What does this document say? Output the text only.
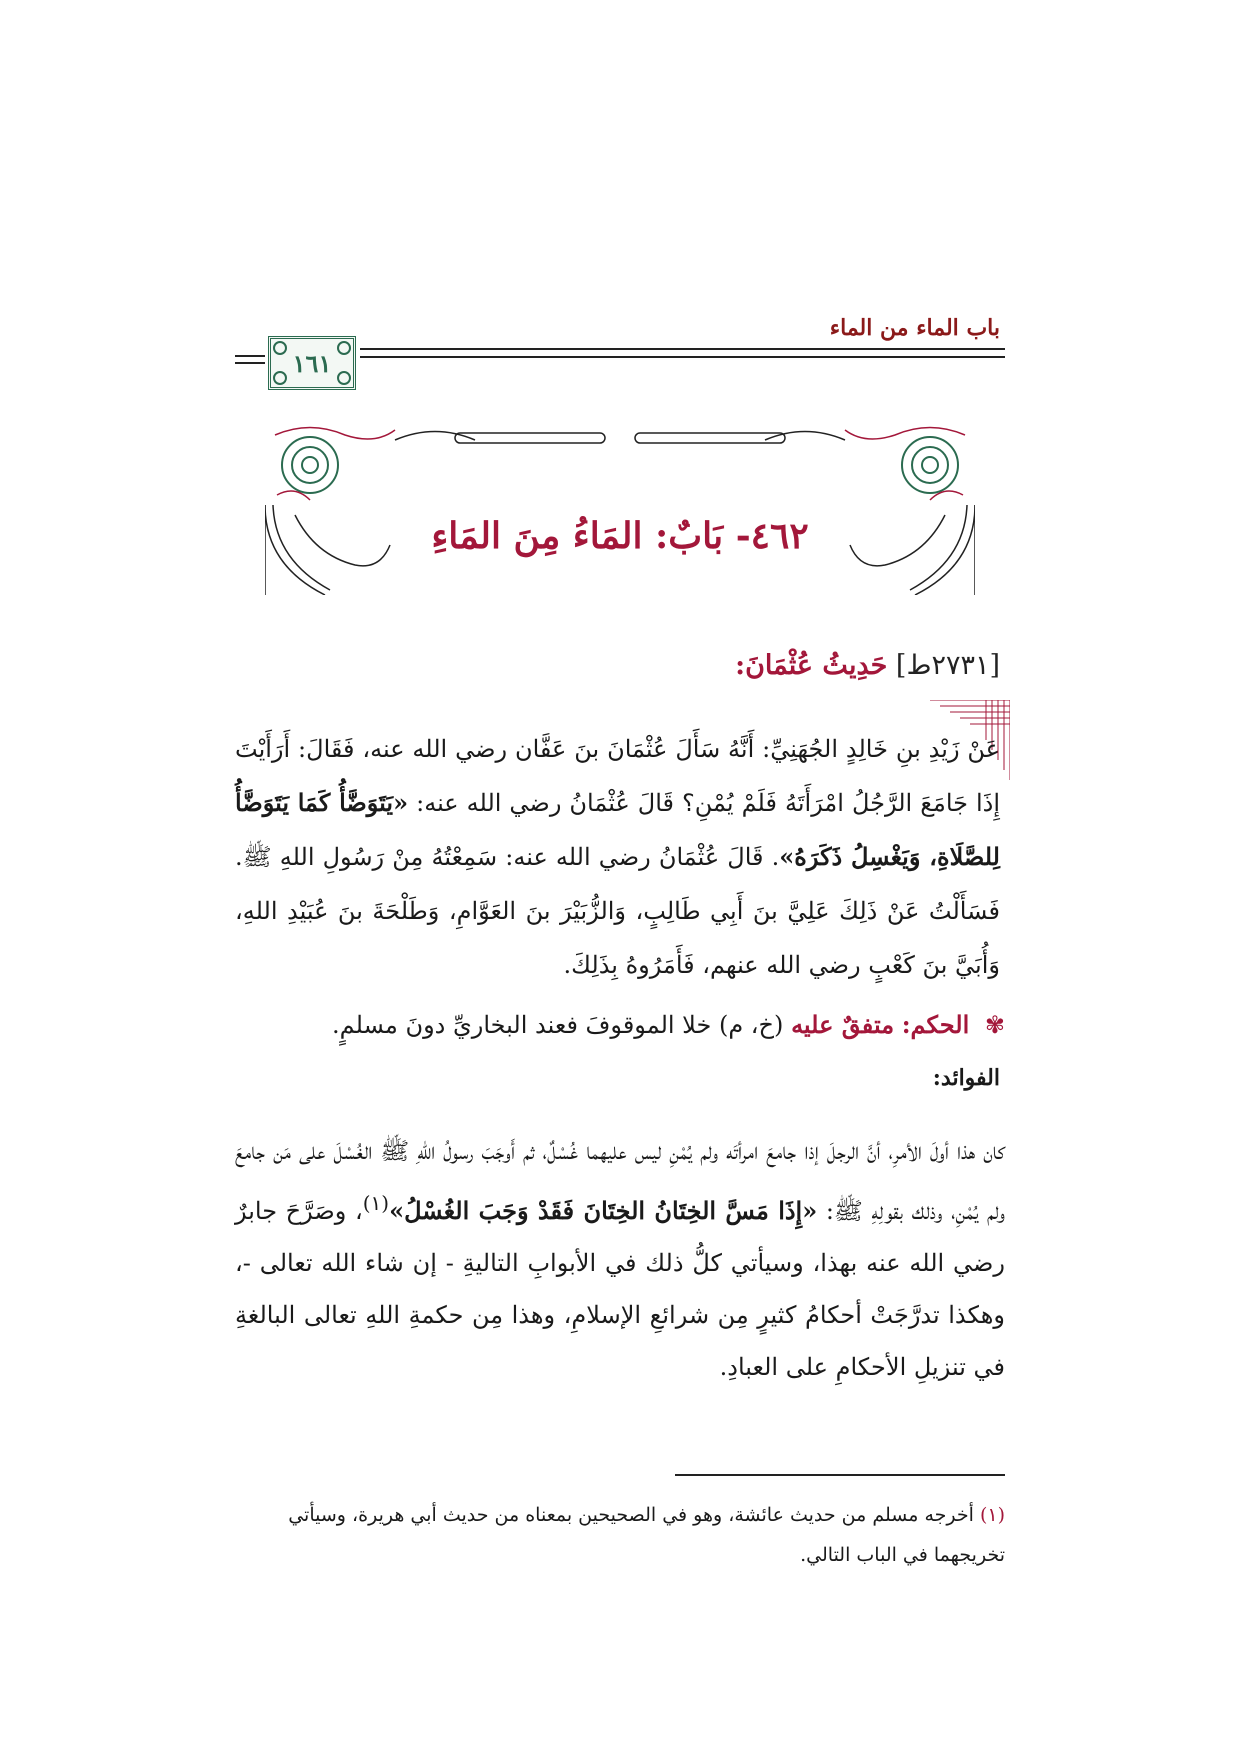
باب الماء من الماء
١٦١
٤٦٢- بَابٌ: المَاءُ مِنَ المَاءِ
[٢٧٣١ط] حَدِيثُ عُثْمَانَ:
عَنْ زَيْدِ بنِ خَالِدٍ الجُهَنِيِّ: أَنَّهُ سَأَلَ عُثْمَانَ بنَ عَفَّان رضي الله عنه، فَقَالَ: أَرَأَيْتَ إِذَا جَامَعَ الرَّجُلُ امْرَأَتَهُ فَلَمْ يُمْنِ؟ قَالَ عُثْمَانُ رضي الله عنه: «يَتَوَضَّأُ كَمَا يَتَوَضَّأُ لِلصَّلَاةِ، وَيَغْسِلُ ذَكَرَهُ». قَالَ عُثْمَانُ رضي الله عنه: سَمِعْتُهُ مِنْ رَسُولِ اللهِ ﷺ. فَسَأَلْتُ عَنْ ذَلِكَ عَلِيَّ بنَ أَبِي طَالِبٍ، وَالزُّبَيْرَ بنَ العَوَّامِ، وَطَلْحَةَ بنَ عُبَيْدِ اللهِ، وَأُبَيَّ بنَ كَعْبٍ رضي الله عنهم، فَأَمَرُوهُ بِذَلِكَ.
✾ الحكم: متفقٌ عليه (خ، م) خلا الموقوفَ فعند البخاريِّ دونَ مسلمٍ.
الفوائد:
كان هذا أولَ الأمرِ، أنَّ الرجلَ إذا جامعَ امرأتَه ولم يُمْنِ ليس عليهما غُسْلٌ، ثم أَوجَبَ رسولُ اللهِ ﷺ الغُسْلَ على مَن جامعَ ولم يُمْنِ، وذلك بقولِهِ ﷺ: «إِذَا مَسَّ الخِتَانُ الخِتَانَ فَقَدْ وَجَبَ الغُسْلُ»$^{(١)}$، وصَرَّحَ جابرٌ رضي الله عنه بهذا، وسيأتي كلُّ ذلك في الأبوابِ التاليةِ - إن شاء الله تعالى -، وهكذا تدرَّجَتْ أحكامُ كثيرٍ مِن شرائعِ الإسلامِ، وهذا مِن حكمةِ اللهِ تعالى البالغةِ في تنزيلِ الأحكامِ على العبادِ.
(١) أخرجه مسلم من حديث عائشة، وهو في الصحيحين بمعناه من حديث أبي هريرة، وسيأتي تخريجهما في الباب التالي.
